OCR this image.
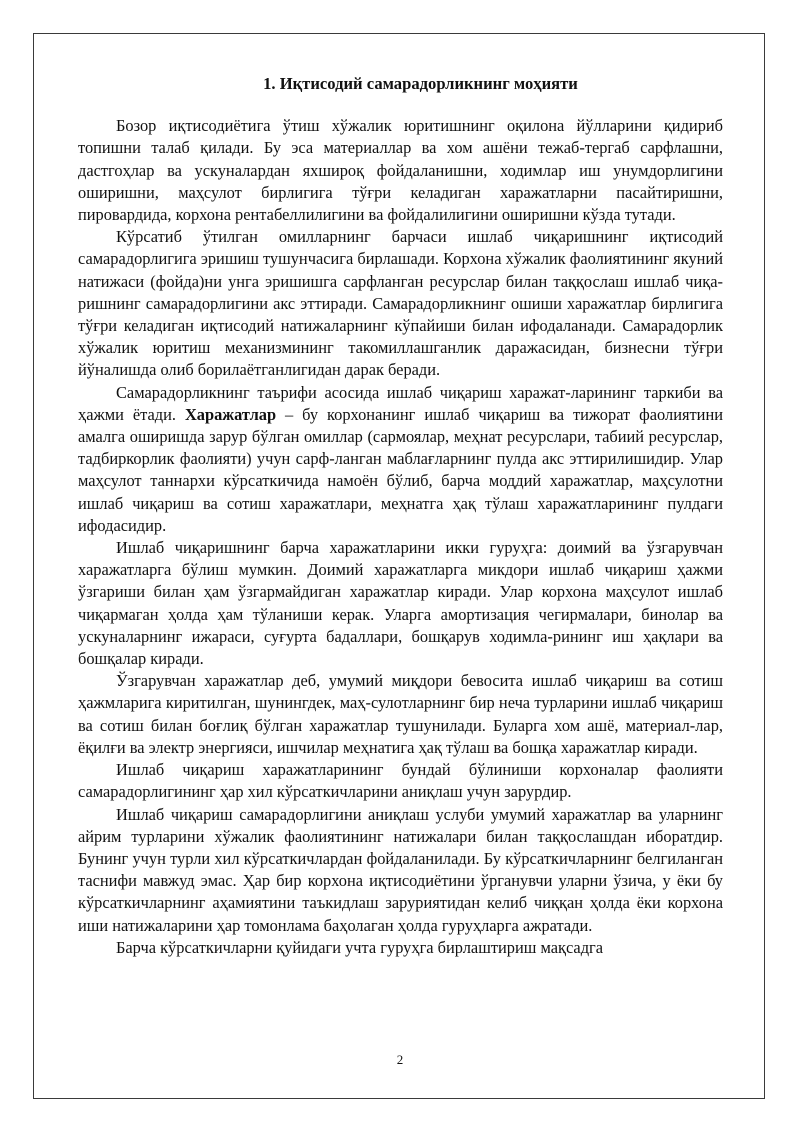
1. Иқтисодий самарадорликнинг моҳияти

Бозор иқтисодиётига ўтиш хўжалик юритишнинг оқилона йўлларини қидириб топишни талаб қилади. Бу эса материаллар ва хом ашёни тежаб-тергаб сарфлашни, дастгоҳлар ва ускуналардан яхшироқ фойдаланишни, ходимлар иш унумдорлигини оширишни, маҳсулот бирлигига тўғри келадиган харажатларни пасайтиришни, пировардида, корхона рентабеллилигини ва фойдалилигини оширишни кўзда тутади.

Кўрсатиб ўтилган омилларнинг барчаси ишлаб чиқаришнинг иқтисодий самарадорлигига эришиш тушунчасига бирлашади. Корхона хўжалик фаолиятининг якуний натижаси (фойда)ни унга эришишга сарфланган ресурслар билан таққослаш ишлаб чиқа-ришнинг самарадорлигини акс эттиради. Самарадорликнинг ошиши харажатлар бирлигига тўғри келадиган иқтисодий натижаларнинг кўпайиши билан ифодаланади. Самарадорлик хўжалик юритиш механизмининг такомиллашганлик даражасидан, бизнесни тўғри йўналишда олиб борилаётганлигидан дарак беради.

Самарадорликнинг таърифи асосида ишлаб чиқариш харажат-ларининг таркиби ва ҳажми ётади. Харажатлар – бу корхонанинг ишлаб чиқариш ва тижорат фаолиятини амалга оширишда зарур бўлган омиллар (сармоялар, меҳнат ресурслари, табиий ресурслар, тадбиркорлик фаолияти) учун сарф-ланган маблағларнинг пулда акс эттирилишидир. Улар маҳсулот таннархи кўрсаткичида намоён бўлиб, барча моддий харажатлар, маҳсулотни ишлаб чиқариш ва сотиш харажатлари, меҳнатга ҳақ тўлаш харажатларининг пулдаги ифодасидир.

Ишлаб чиқаришнинг барча харажатларини икки гуруҳга: доимий ва ўзгарувчан харажатларга бўлиш мумкин. Доимий харажатларга микдори ишлаб чиқариш ҳажми ўзгариши билан ҳам ўзгармайдиган харажатлар киради. Улар корхона маҳсулот ишлаб чиқармаган ҳолда ҳам тўланиши керак. Уларга амортизация чегирмалари, бинолар ва ускуналарнинг ижараси, суғурта бадаллари, бошқарув ходимла-рининг иш ҳақлари ва бошқалар киради.

Ўзгарувчан харажатлар деб, умумий миқдори бевосита ишлаб чиқариш ва сотиш ҳажмларига киритилган, шунингдек, маҳ-сулотларнинг бир неча турларини ишлаб чиқариш ва сотиш билан боғлиқ бўлган харажатлар тушунилади. Буларга хом ашё, материал-лар, ёқилғи ва электр энергияси, ишчилар меҳнатига ҳақ тўлаш ва бошқа харажатлар киради.

Ишлаб чиқариш харажатларининг бундай бўлиниши корхоналар фаолияти самарадорлигининг ҳар хил кўрсаткичларини аниқлаш учун зарурдир.

Ишлаб чиқариш самарадорлигини аниқлаш услуби умумий харажатлар ва уларнинг айрим турларини хўжалик фаолиятининг натижалари билан таққослашдан иборатдир. Бунинг учун турли хил кўрсаткичлардан фойдаланилади. Бу кўрсаткичларнинг белгиланган таснифи мавжуд эмас. Ҳар бир корхона иқтисодиётини ўрганувчи уларни ўзича, у ёки бу кўрсаткичларнинг аҳамиятини таъкидлаш заруриятидан келиб чиққан ҳолда ёки корхона иши натижаларини ҳар томонлама баҳолаган ҳолда гуруҳларга ажратади.

Барча кўрсаткичларни қуйидаги учта гуруҳга бирлаштириш мақсадга

2
